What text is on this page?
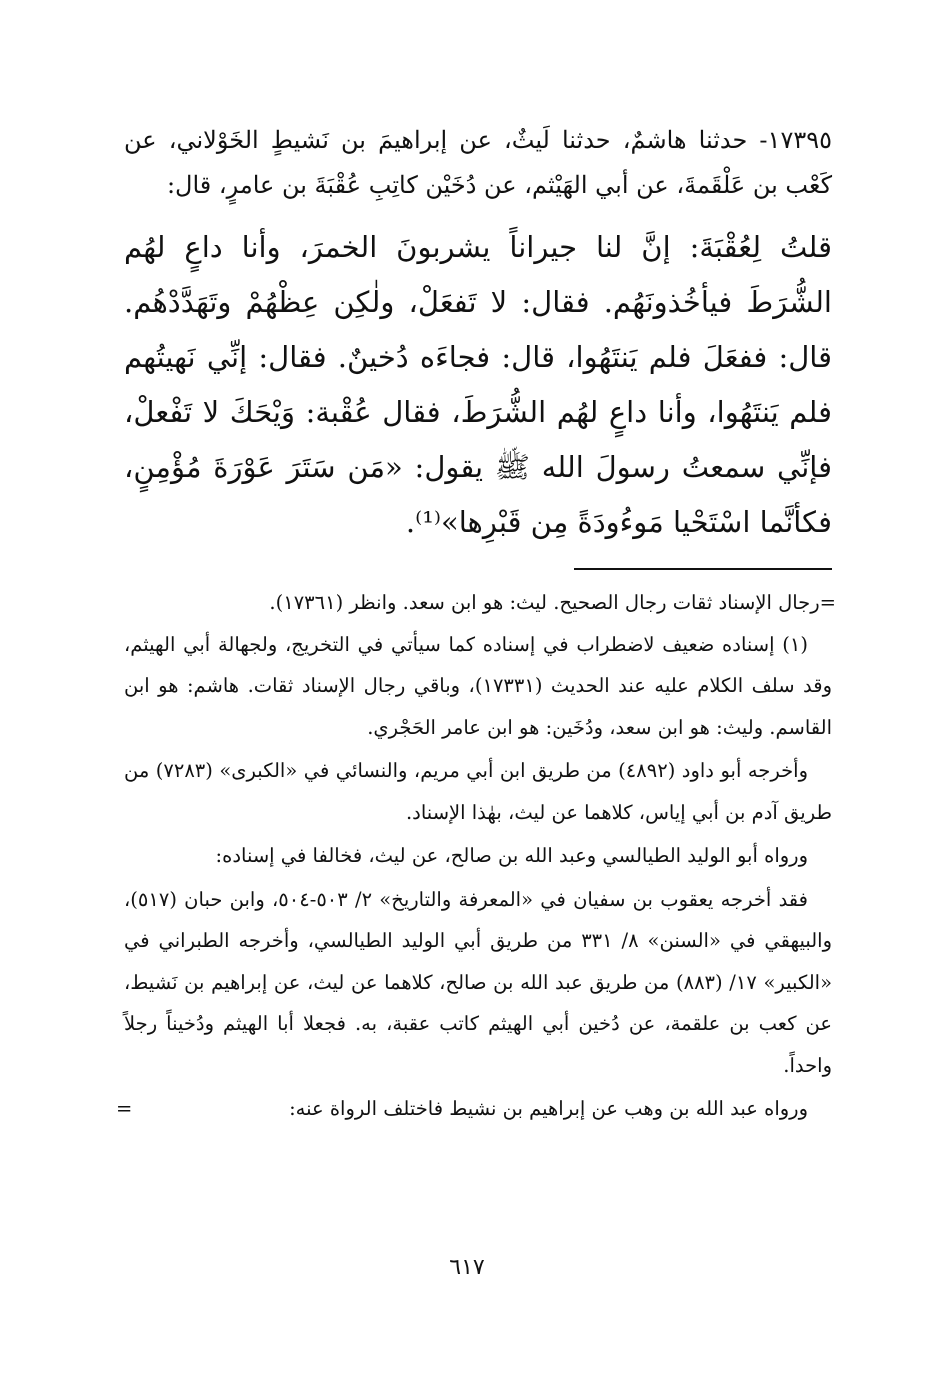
١٧٣٩٥- حدثنا هاشمٌ، حدثنا لَيثٌ، عن إبراهيمَ بن نَشيطٍ الخَوْلاني، عن كَعْب بن عَلْقَمةَ، عن أبي الهَيْثم، عن دُخَيْن كاتِبِ عُقْبَةَ بن عامرٍ، قال:

قلتُ لِعُقْبَةَ: إنَّ لنا جيراناً يشربونَ الخمرَ، وأنا داعٍ لهُم الشُّرَطَ فيأخُذونَهُم. فقال: لا تَفعَلْ، ولٰكِن عِظْهُمْ وتَهَدَّدْهُم. قال: ففعَلَ فلم يَنتَهُوا، قال: فجاءَه دُخينٌ. فقال: إنِّي نَهيتُهم فلم يَنتَهُوا، وأنا داعٍ لهُم الشُّرَطَ، فقال عُقْبة: وَيْحَكَ لا تَفْعلْ، فإنِّي سمعتُ رسولَ الله ﷺ يقول: «مَن سَتَرَ عَوْرَةَ مُؤْمِنٍ، فكأنَّما اسْتَحْيا مَوءُودَةً مِن قَبْرِها»⁽¹⁾.

=رجال الإسناد ثقات رجال الصحيح. ليث: هو ابن سعد. وانظر (١٧٣٦١).

(١) إسناده ضعيف لاضطراب في إسناده كما سيأتي في التخريج، ولجهالة أبي الهيثم، وقد سلف الكلام عليه عند الحديث (١٧٣٣١)، وباقي رجال الإسناد ثقات. هاشم: هو ابن القاسم. وليث: هو ابن سعد، ودُخَين: هو ابن عامر الحَجْري.

وأخرجه أبو داود (٤٨٩٢) من طريق ابن أبي مريم، والنسائي في «الكبرى» (٧٢٨٣) من طريق آدم بن أبي إياس، كلاهما عن ليث، بهٰذا الإسناد.

ورواه أبو الوليد الطيالسي وعبد الله بن صالح، عن ليث، فخالفا في إسناده:

فقد أخرجه يعقوب بن سفيان في «المعرفة والتاريخ» ٢/ ٥٠٣-٥٠٤، وابن حبان (٥١٧)، والبيهقي في «السنن» ٨/ ٣٣١ من طريق أبي الوليد الطيالسي، وأخرجه الطبراني في «الكبير» ١٧/ (٨٨٣) من طريق عبد الله بن صالح، كلاهما عن ليث، عن إبراهيم بن نَشيط، عن كعب بن علقمة، عن دُخين أبي الهيثم كاتب عقبة، به. فجعلا أبا الهيثم ودُخيناً رجلاً واحداً.

ورواه عبد الله بن وهب عن إبراهيم بن نشيط فاختلف الرواة عنه:

=
٦١٧
